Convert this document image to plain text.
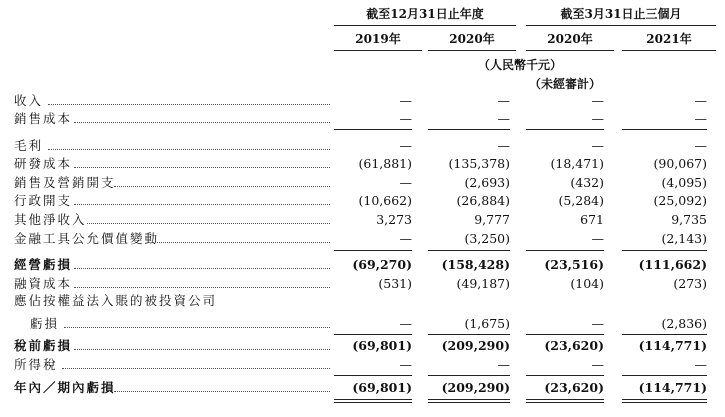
截至12月31日止年度	截至3月31日止三個月
2019年	2020年	2020年	2021年
（人民幣千元）
（未經審計）
收入	—	—	—	—
銷售成本	—	—	—	—
毛利	—	—	—	—
研發成本	(61,881)	(135,378)	(18,471)	(90,067)
銷售及營銷開支	—	(2,693)	(432)	(4,095)
行政開支	(10,662)	(26,884)	(5,284)	(25,092)
其他淨收入	3,273	9,777	671	9,735
金融工具公允價值變動	—	(3,250)	—	(2,143)
經營虧損	(69,270)	(158,428)	(23,516)	(111,662)
融資成本	(531)	(49,187)	(104)	(273)
應佔按權益法入賬的被投資公司
虧損	—	(1,675)	—	(2,836)
稅前虧損	(69,801)	(209,290)	(23,620)	(114,771)
所得稅	—	—	—	—
年內／期內虧損	(69,801)	(209,290)	(23,620)	(114,771)
